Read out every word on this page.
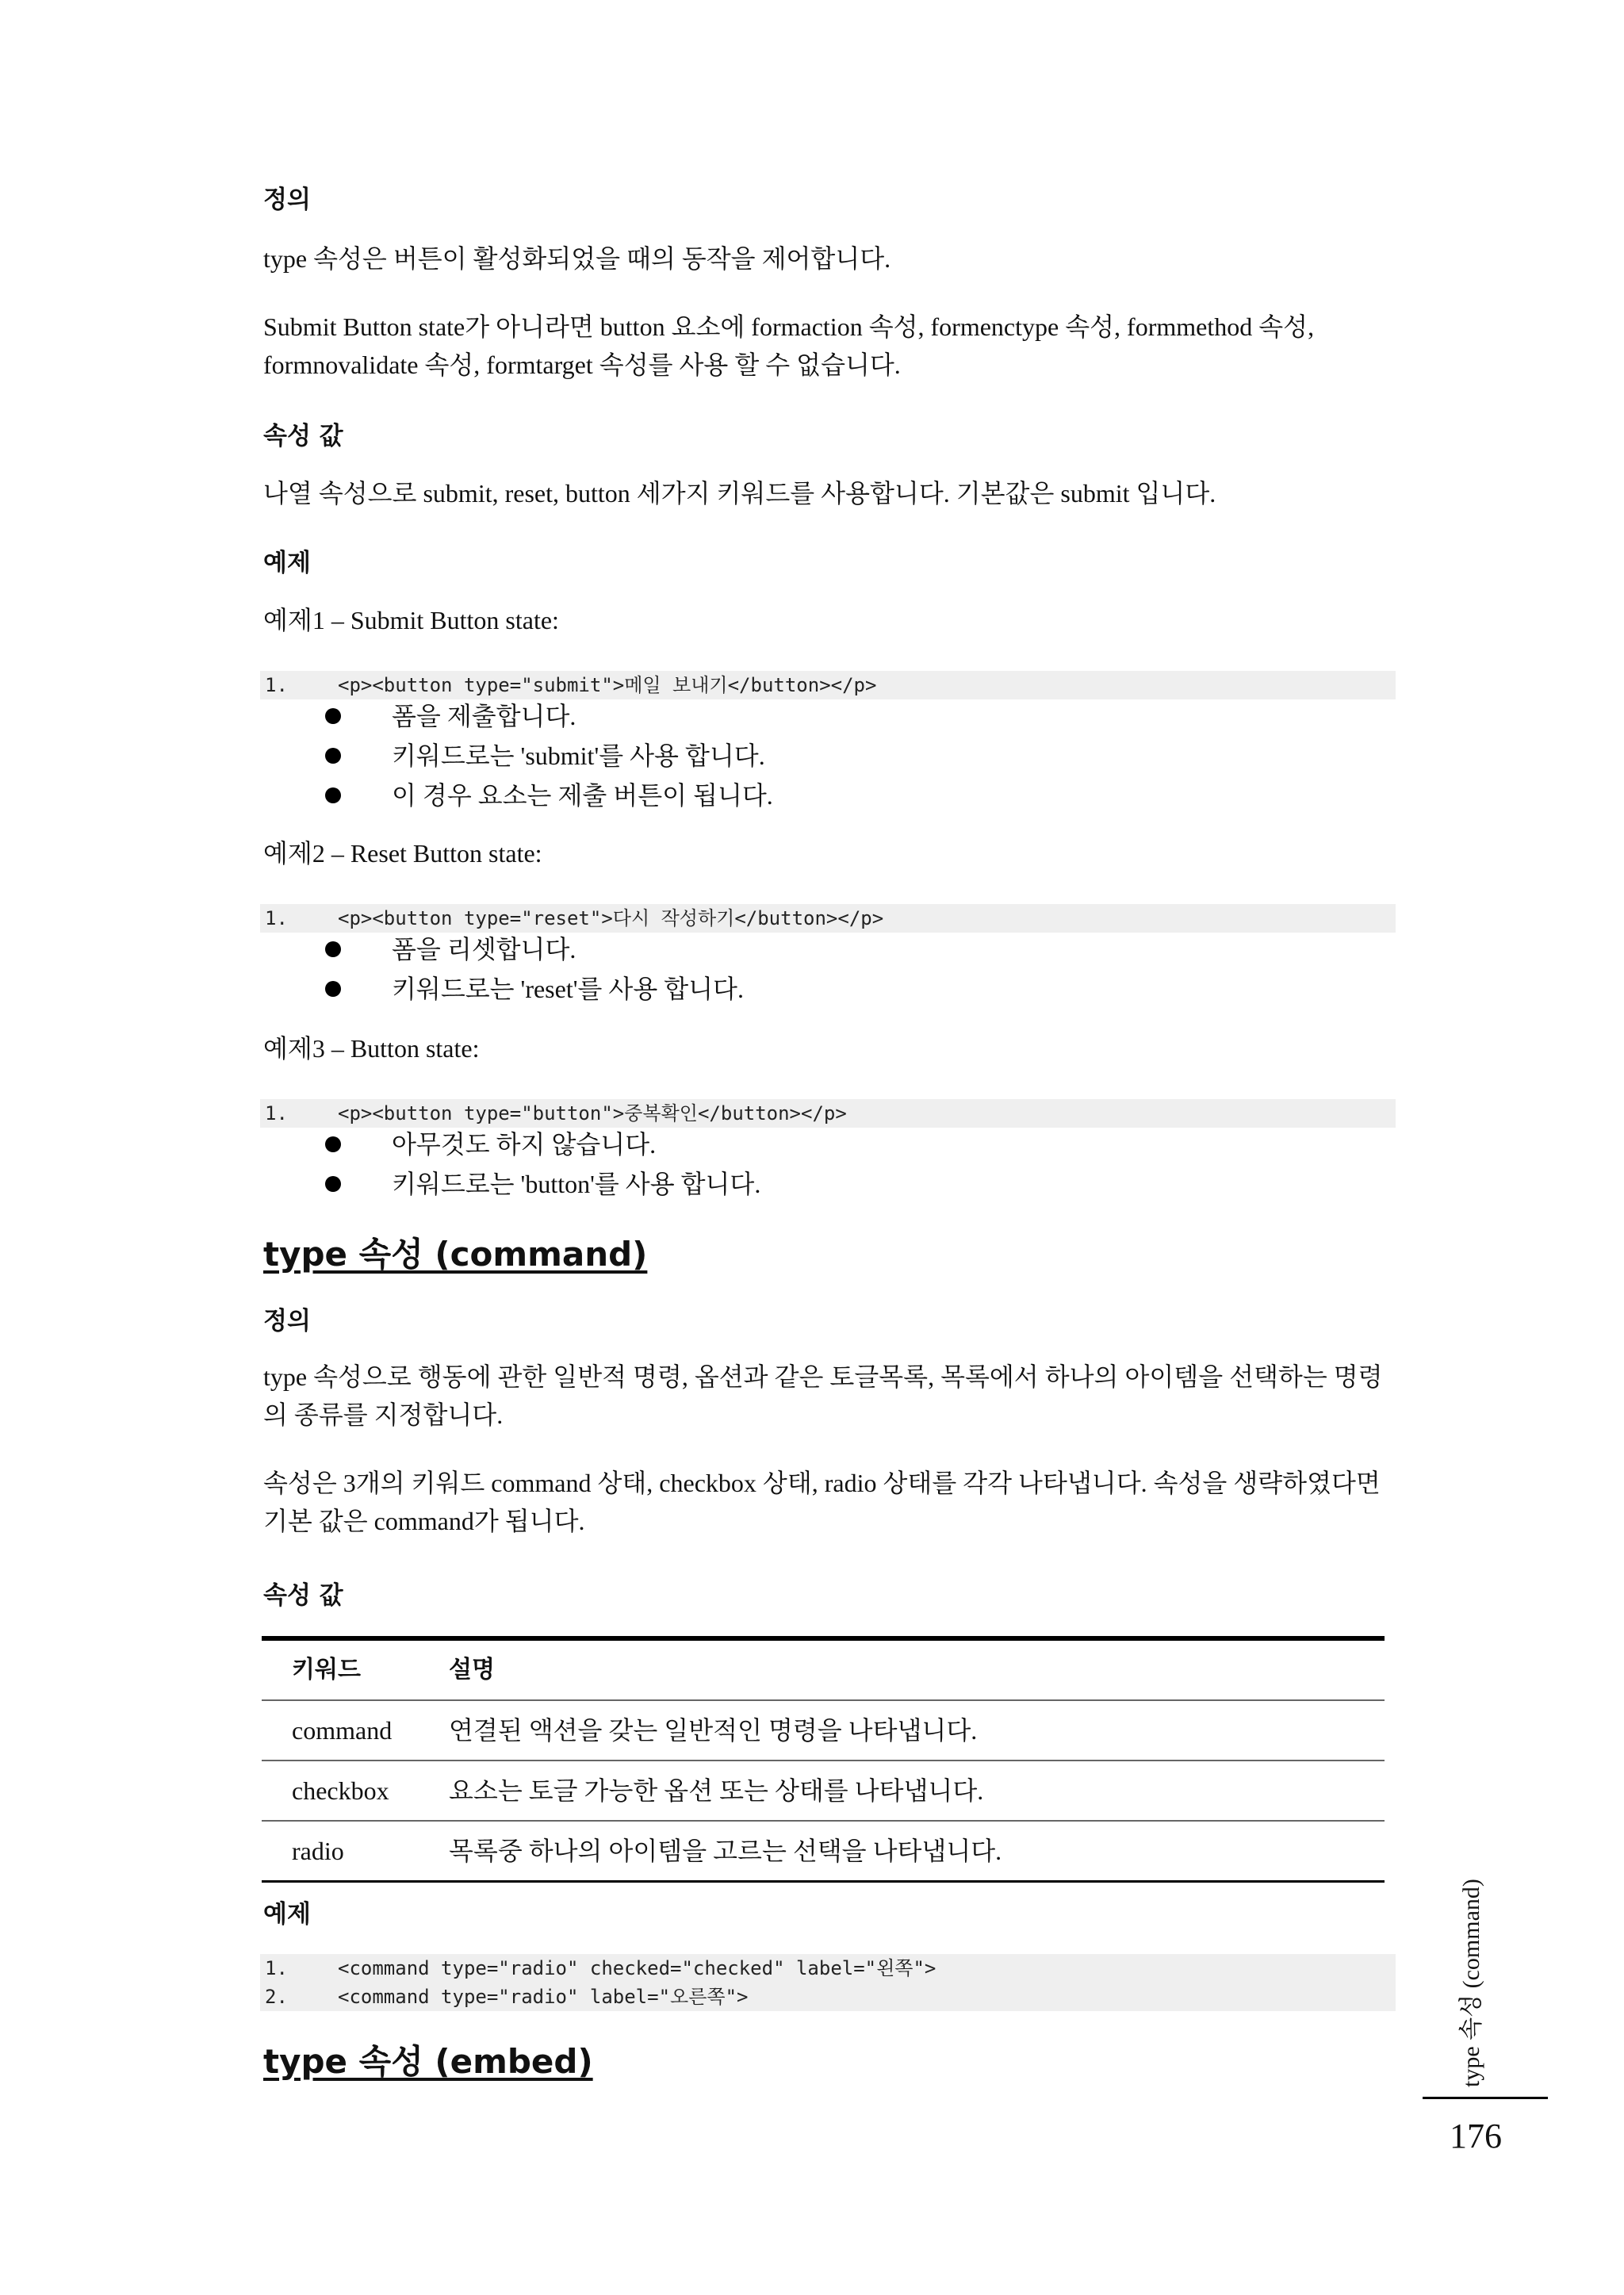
정의
type 속성은 버튼이 활성화되었을 때의 동작을 제어합니다.
Submit Button state가 아니라면 button 요소에 formaction 속성, formenctype 속성, formmethod 속성, formnovalidate 속성, formtarget 속성를 사용 할 수 없습니다.
속성 값
나열 속성으로 submit, reset, button 세가지 키워드를 사용합니다. 기본값은 submit 입니다.
예제
예제1 – Submit Button state:
1.	<p><button type="submit">메일 보내기</button></p>
폼을 제출합니다.
키워드로는 'submit'를 사용 합니다.
이 경우 요소는 제출 버튼이 됩니다.
예제2 – Reset Button state:
1.	<p><button type="reset">다시 작성하기</button></p>
폼을 리셋합니다.
키워드로는 'reset'를 사용 합니다.
예제3 – Button state:
1.	<p><button type="button">중복확인</button></p>
아무것도 하지 않습니다.
키워드로는 'button'를 사용 합니다.
type 속성 (command)
정의
type 속성으로 행동에 관한 일반적 명령, 옵션과 같은 토글목록, 목록에서 하나의 아이템을 선택하는 명령의 종류를 지정합니다.
속성은 3개의 키워드 command 상태, checkbox 상태, radio 상태를 각각 나타냅니다. 속성을 생략하였다면 기본 값은 command가 됩니다.
속성 값
키워드	설명
command 연결된 액션을 갖는 일반적인 명령을 나타냅니다.
checkbox 요소는 토글 가능한 옵션 또는 상태를 나타냅니다.
radio	목록중 하나의 아이템을 고르는 선택을 나타냅니다.
예제
1.	<command type="radio" checked="checked" label="왼쪽">
2.	<command type="radio" label="오른쪽">
type 속성 (embed)	type 속성 (command)
176
